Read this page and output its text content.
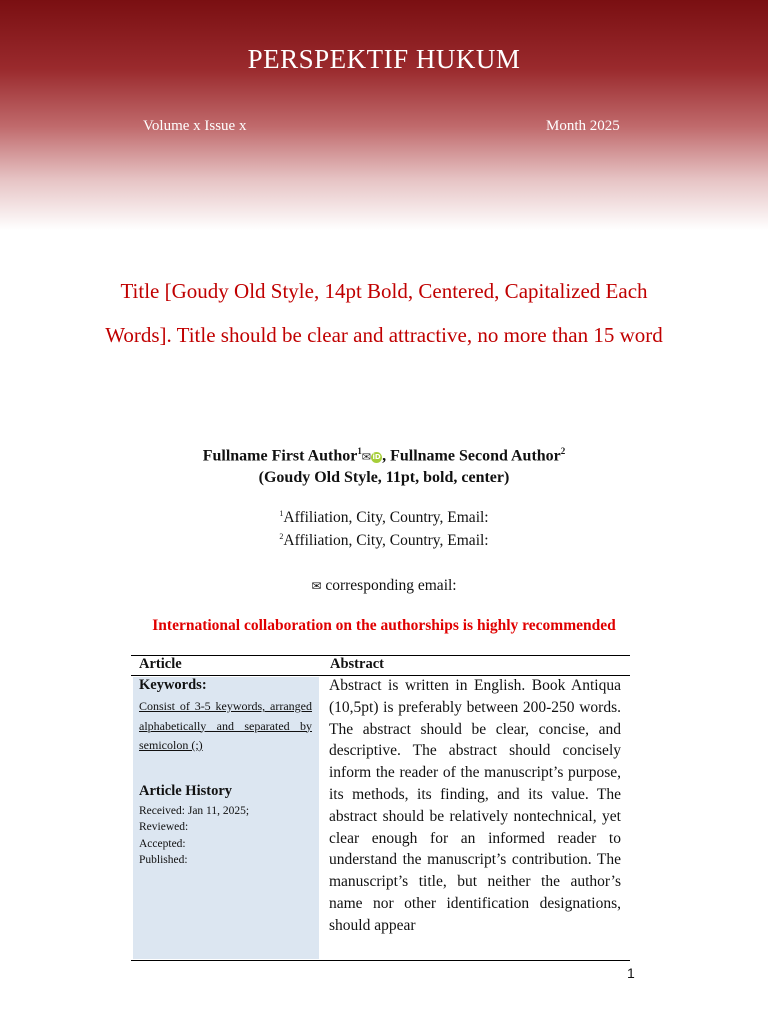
PERSPEKTIF HUKUM
Volume x Issue x	Month 2025
Title [Goudy Old Style, 14pt Bold, Centered, Capitalized Each Words]. Title should be clear and attractive, no more than 15 word
Fullname First Author$^1$✉iD, Fullname Second Author$^2$
(Goudy Old Style, 11pt, bold, center)
$^1$Affiliation, City, Country, Email:
$^2$Affiliation, City, Country, Email:
✉ corresponding email:
International collaboration on the authorships is highly recommended
Article	Abstract
Keywords:
Consist of 3-5 keywords, arranged alphabetically and separated by semicolon (;)
Article History
Received: Jan 11, 2025;
Reviewed:
Accepted:
Published:
Abstract is written in English. Book Antiqua (10,5pt) is preferably between 200-250 words. The abstract should be clear, concise, and descriptive. The abstract should concisely inform the reader of the manuscript’s purpose, its methods, its finding, and its value. The abstract should be relatively nontechnical, yet clear enough for an informed reader to understand the manuscript’s contribution. The manuscript’s title, but neither the author’s name nor other identification designations, should appear
1
